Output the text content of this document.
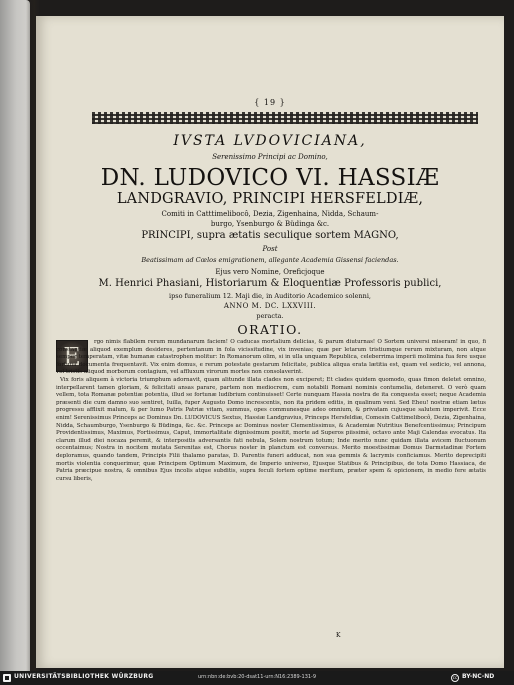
{ 19 }
IVSTA LVDOVICIANA,
Serenissimo Principi ac Domino,
DN. LUDOVICO VI. HASSIÆ
LANDGRAVIO, PRINCIPI HERSFELDIÆ,
Comiti in Catttimelibocô, Dezia, Zigenhaina, Nidda, Schaum-
burgo, Ysenburgo & Büdinga &c.
PRINCIPI, supra ætatis seculique sortem MAGNO,
Post
Beatissimam ad Cœlos emigrationem, allegante Academia Gissensi faciendas.
Ejus vero Nomine, Oreficjoque
M. Henrici Phasiani, Historiarum & Eloquentiæ Professoris publici,
ipso funeralium 12. Maji die, in Auditorio Academico solenni,
ANNO M. DC. LXXVIII.
peracta.
ORATIO.
E

rgo nimis flabilem rerum mundanarum faciem! O caducas mortalium delicias, & parum diuturnas! O Sortem universi miseram! in quo, fi constantiæ aliquod exemplum desideres, pertentanum in fola vicissitudine, vix invenias; quæ per letarum tristiumque rerum mixturam, non atque semper temperatam, vitæ humanæ catastrophen molitur: In Romanorum olim, si in ulla unquam Republica, celeberrima imperii molimina fua fere usque fortuna documenta frequentavit. Vix enim domus, e rerum potestate gestarum felicitate, publica aliqua erata lætitia est, quam vel sedicio, vel annona, vel tristis aliquod morborum contagium, vel affluxum virorum mortes non consolaverint.

Vix foris aliquem à victoria triumphum adornavit, quam alitunde illata clades non exciperet; Et clades quidem quomodo, quas fimon deletet omnino, interpellarent tamen gloriam, & felicitati ansas parare, partem non mediocrem, cum notabili Romani nominis contumelia, deteneret. O verò quam vellem, tota Romanæ potentiæ potentia, illud se fortunæ ludibrium continuisset! Certe nunquam Hassia nostra de ita conquesta esset; neque Academia præsenti die cum damno suo sentiret, Iuilla, fuper Augusto Domo increscentis, non ita pridem editis, in qualinum veni. Sed Eheu! nostræ etiam lætus progressu afflixit malum, & per lumo Patris Patriæ vitam, summus, opes communesque adeo omnium, & privatam cujusque salutem imperivit. Ecce enim! Serenissimus Princeps ac Dominus Dn. LUDOVICUS Sextus, Hassiæ Landgravius, Princeps Hersfeldiæ, Comesin Cattimelibocô, Dezia, Zigenhaina, Nidda, Schaumburgo, Ysenburgo & Büdinga, &c. &c. Princeps ac Dominus noster Clementissimus, & Academiæ Nutritius Benefcentissimus; Principum Providentissimus, Maximus, Fortissimus, Caput, immortalitate dignissimum positit, morte ad Superos piissimè, octavo ante Maji Calendas evocatus. Ita clarum illud diei nocaza peremit, & interpositis adversantis fati nebula, Solem nostrum totum; Inde merito nunc quidam illata avicem fluctuonum occentaimus; Nostra in nocitem mutata Serenitas est, Chorus noster in planctum est conversus. Merito moestissimæ Domus Darmstadinæ Fortem deploramus, quando tandem, Principis Filii thalamo paratas, D. Parentis funeri adducat, non sua gemmis & lacrymis conficiamus. Merito deprecipiti mortis violentia conquerimur, quæ Principem Optimum Maximum, de Imperio universo, Ejusque Statibus & Principibus, de tota Domo Hassiaca, de Patria præcipue nostra, & omnibus Ejus incolis atque subditis, supra feculi fortem optime meritum, præter spem & opicionem, in medio fere ætatis cursu liberis,

K
UNIVERSITÄTSBIBLIOTHEK WÜRZBURG	urn:nbn:de:bvb:20-dsat11-urn:N16:2389-131-9	cc BY-NC-ND
